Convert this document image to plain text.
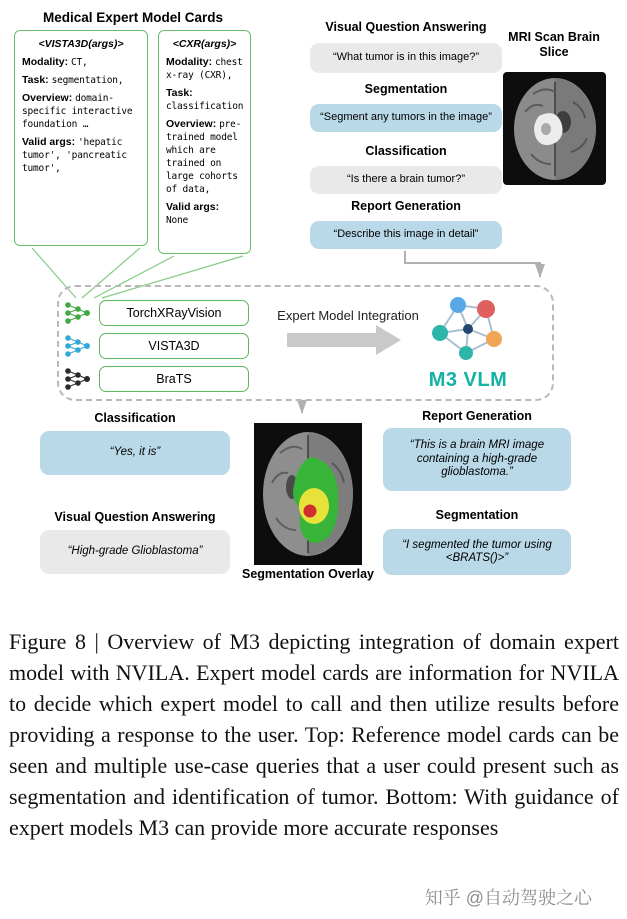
Medical Expert Model Cards
<VISTA3D(args)>
Modality: CT,
Task: segmentation,
Overview: domain-specific interactive foundation …
Valid args: 'hepatic tumor', 'pancreatic tumor',
<CXR(args)>
Modality: chest x-ray (CXR),
Task: classification
Overview: pre-trained model which are trained on large cohorts of data,
Valid args: None
Visual Question Answering
“What tumor is in this image?”
Segmentation
“Segment any tumors in the image”
Classification
“Is there a brain tumor?”
Report Generation
“Describe this image in detail”
MRI Scan Brain Slice
TorchXRayVision
VISTA3D
BraTS
Expert Model Integration
M3 VLM
Classification
“Yes, it is”
Visual Question Answering
“High-grade Glioblastoma”
Segmentation Overlay
Report Generation
“This is a brain MRI image containing a high-grade glioblastoma.”
Segmentation
“I segmented the tumor using <BRATS()>”

Figure 8 | Overview of M3 depicting integration of domain expert model with NVILA. Expert model cards are information for NVILA to decide which expert model to call and then utilize results before providing a response to the user. Top: Reference model cards can be seen and multiple use-case queries that a user could present such as segmentation and identification of tumor. Bottom: With guidance of expert models M3 can provide more accurate responses

知乎 @自动驾驶之心
